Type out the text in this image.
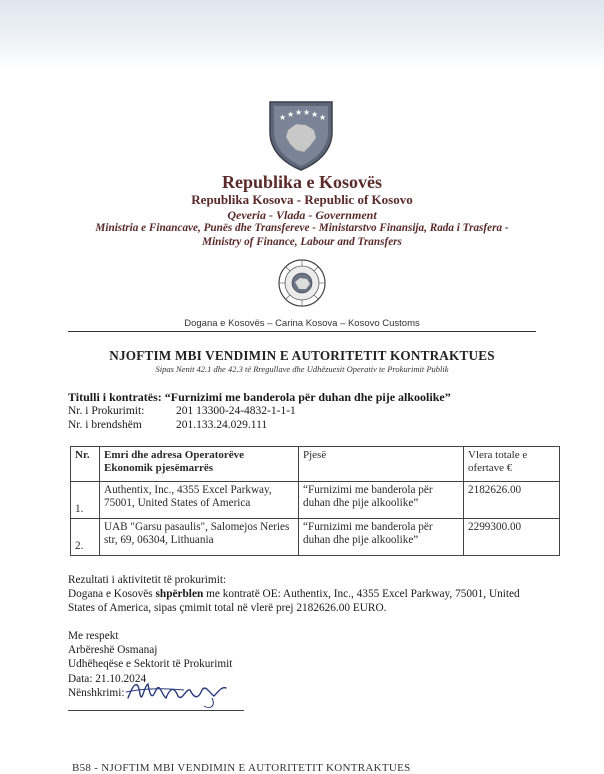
★ ★ ★ ★ ★ ★
Republika e Kosovës
Republika Kosova - Republic of Kosovo
Qeveria - Vlada - Government
Ministria e Financave, Punës dhe Transfereve - Ministarstvo Finansija, Rada i Trasfera -
Ministry of Finance, Labour and Transfers
Dogana e Kosovës – Carina Kosova – Kosovo Customs
NJOFTIM MBI VENDIMIN E AUTORITETIT KONTRAKTUES
Sipas Nenit 42.1 dhe 42.3 të Rregullave dhe Udhëzuesit Operativ te Prokurimit Publik
Titulli i kontratës: “Furnizimi me banderola për duhan dhe pije alkoolike”
Nr. i Prokurimit:	201 13300-24-4832-1-1-1
Nr. i brendshëm	201.133.24.029.111
Nr.	Emri dhe adresa Operatorëve Ekonomik pjesëmarrës	Pjesë	Vlera totale e ofertave €
1.	Authentix, Inc., 4355 Excel Parkway, 75001, United States of America	“Furnizimi me banderola për duhan dhe pije alkoolike”	2182626.00
2.	UAB "Garsu pasaulis", Salomejos Neries str, 69, 06304, Lithuania	“Furnizimi me banderola për duhan dhe pije alkoolike”	2299300.00
Rezultati i aktivitetit të prokurimit:
Dogana e Kosovës shpërblen me kontratë OE: Authentix, Inc., 4355 Excel Parkway, 75001, United States of America, sipas çmimit total në vlerë prej 2182626.00 EURO.
Me respekt
Arbëreshë Osmanaj
Udhëheqëse e Sektorit të Prokurimit
Data: 21.10.2024
Nënshkrimi:
B58 - NJOFTIM MBI VENDIMIN E AUTORITETIT KONTRAKTUES
